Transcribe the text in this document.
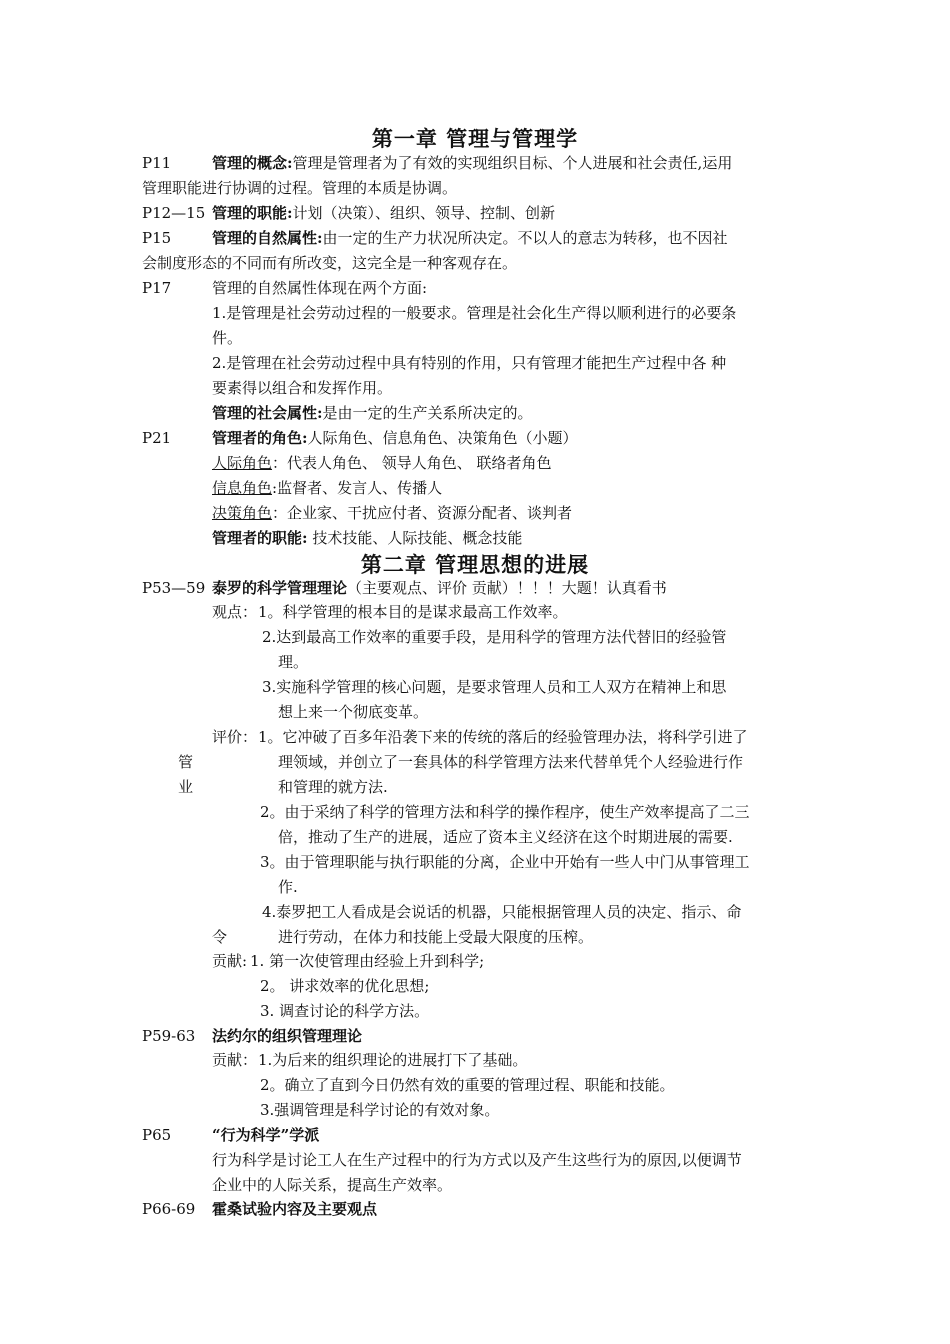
第一章 管理与管理学
P11	管理的概念:管理是管理者为了有效的实现组织目标、个人进展和社会责任,运用
管理职能进行协调的过程。管理的本质是协调。
P12—15 管理的职能:计划（决策）、组织、领导、控制、创新
P15	管理的自然属性:由一定的生产力状况所决定。不以人的意志为转移，也不因社
会制度形态的不同而有所改变，这完全是一种客观存在。
P17	管理的自然属性体现在两个方面:
1.是管理是社会劳动过程的一般要求。管理是社会化生产得以顺利进行的必要条
件。
2.是管理在社会劳动过程中具有特别的作用，只有管理才能把生产过程中各 种
要素得以组合和发挥作用。
管理的社会属性:是由一定的生产关系所决定的。
P21	管理者的角色:人际角色、信息角色、决策角色（小题）
人际角色：代表人角色、 领导人角色、 联络者角色
信息角色:监督者、发言人、传播人
决策角色：企业家、干扰应付者、资源分配者、谈判者
管理者的职能: 技术技能、人际技能、概念技能
第二章 管理思想的进展
P53—59 泰罗的科学管理理论（主要观点、评价 贡献）！！！大题！认真看书
观点： 1。科学管理的根本目的是谋求最高工作效率。
2.达到最高工作效率的重要手段，是用科学的管理方法代替旧的经验管
理。
3.实施科学管理的核心问题，是要求管理人员和工人双方在精神上和思
想上来一个彻底变革。
评价： 1。它冲破了百多年沿袭下来的传统的落后的经验管理办法，将科学引进了
管	理领域，并创立了一套具体的科学管理方法来代替单凭个人经验进行作
业	和管理的就方法.
2。由于采纳了科学的管理方法和科学的操作程序，使生产效率提高了二三
倍，推动了生产的进展，适应了资本主义经济在这个时期进展的需要.
3。由于管理职能与执行职能的分离，企业中开始有一些人中门从事管理工
作.
4.泰罗把工人看成是会说话的机器，只能根据管理人员的决定、指示、命
令	进行劳动，在体力和技能上受最大限度的压榨。
贡献: 1. 第一次使管理由经验上升到科学;
2。 讲求效率的优化思想;
3. 调查讨论的科学方法。
P59-63 法约尔的组织管理理论
贡献： 1.为后来的组织理论的进展打下了基础。
2。确立了直到今日仍然有效的重要的管理过程、职能和技能。
3.强调管理是科学讨论的有效对象。
P65	“行为科学”学派
行为科学是讨论工人在生产过程中的行为方式以及产生这些行为的原因,以便调节
企业中的人际关系，提高生产效率。
P66-69 霍桑试验内容及主要观点
